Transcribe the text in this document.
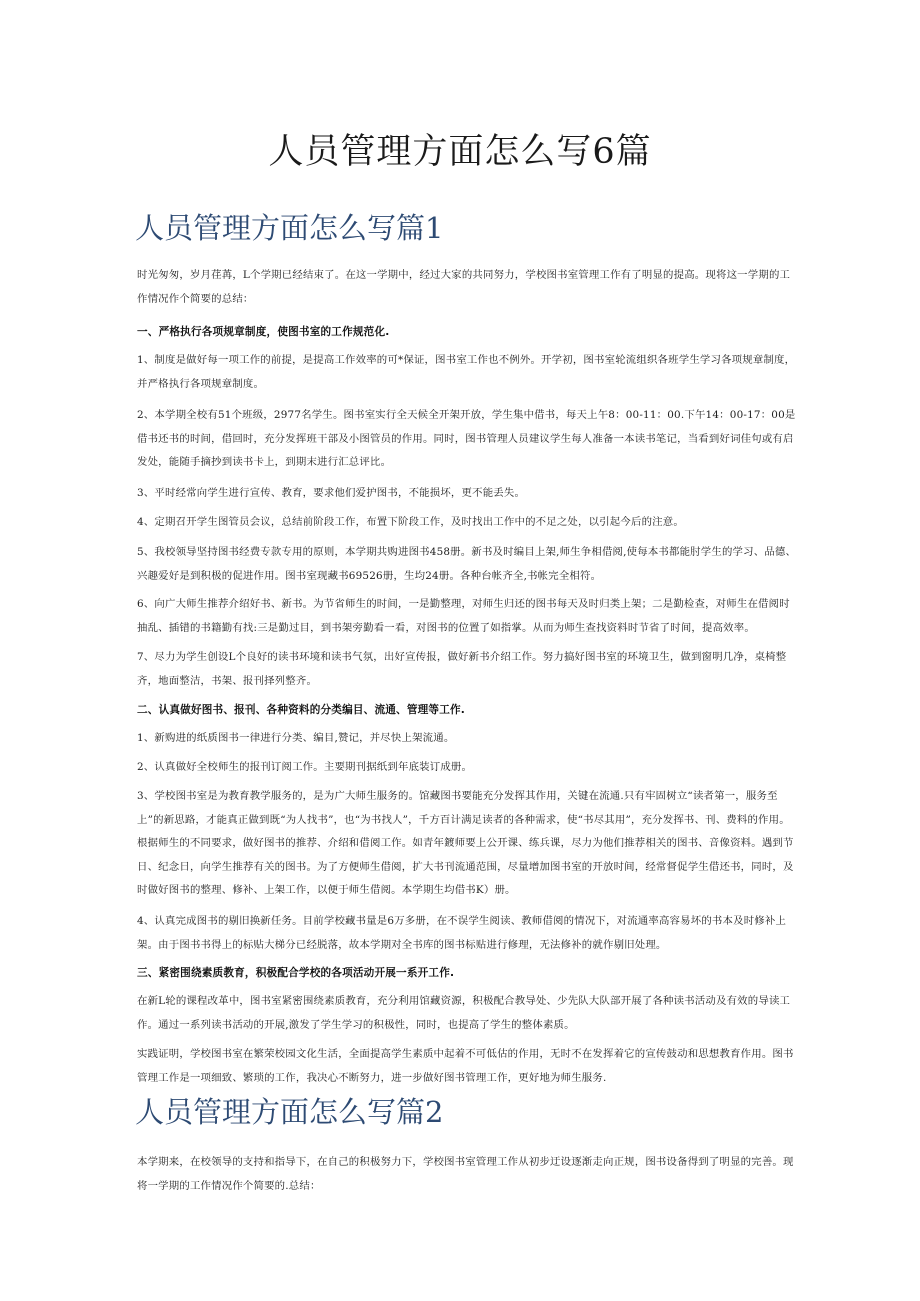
人员管理方面怎么写6篇
人员管理方面怎么写篇1

时光匆匆，岁月荏苒，L个学期已经结束了。在这一学期中，经过大家的共同努力，学校图书室管理工作有了明显的提高。现将这一学期的工作情况作个简要的总结：

一、严格执行各项规章制度，使图书室的工作规范化.

1、制度是做好每一项工作的前提，是提高工作效率的可*保证，图书室工作也不例外。开学初，图书室轮流组织各班学生学习各项规章制度，并严格执行各项规章制度。

2、本学期全校有51个班级，2977名学生。图书室实行全天候全开架开放，学生集中借书，每天上午8：00-11：00.下午14：00-17：00是借书还书的时间，借回时，充分发挥班干部及小图管员的作用。同时，图书管理人员建议学生每人准备一本读书笔记，当看到好词佳句或有启发处，能随手摘抄到读书卡上，到期末进行汇总评比。

3、平时经常向学生进行宣传、教育，要求他们爱护图书，不能损坏，更不能丢失。

4、定期召开学生图管员会议，总结前阶段工作，布置下阶段工作，及时找出工作中的不足之处，以引起今后的注意。

5、我校领导坚持图书经费专款专用的原则，本学期共购进图书458册。新书及时编目上架,师生争相借阅,使每本书都能肘学生的学习、品德、兴趣爱好是到积极的促进作用。图书室现藏书69526册，生均24册。各种台帐齐全,书帐完全相符。

6、向广大师生推荐介绍好书、新书。为节省师生的时间，一是勤整理，对师生归还的图书每天及时归类上架；二是勤检查，对师生在借阅时抽乱、插错的书籍勤有找:三是勤过目，到书架旁勤看一看，对图书的位置了如指掌。从而为师生查找资料时节省了时间，提高效率。

7、尽力为学生创设L个良好的读书环境和读书气氛，出好宣传报，做好新书介绍工作。努力搞好图书室的环境卫生，做到窗明几净，桌椅整齐，地面整洁，书架、报刊择列整齐。

二、认真做好图书、报刊、各种资料的分类编目、流通、管理等工作.

1、新购进的纸质图书一律进行分类、编目,赞记，并尽快上架流通。

2、认真做好全校师生的报刊订阅工作。主要期刊据纸到年底装订成册。

3、学校图书室是为教育教学服务的，是为广大师生服务的。馆藏图书要能充分发挥其作用，关键在流通.只有牢固树立“读者第一，服务至上”的新思路，才能真正做到既“为人找书”，也“为书找人”，千方百计满足读者的各种需求，使“书尽其用”，充分发挥书、刊、费料的作用。根据师生的不同要求，做好图书的推荐、介绍和借阅工作。如青年鍍师要上公开课、练兵课，尽力为他们推荐相关的图书、音像资料。遇到节日、纪念日，向学生推荐有关的图书。为了方便师生借阅，扩大书刊流通范围，尽量增加图书室的开放时间，经常督促学生借还书，同时，及时做好图书的整理、修补、上架工作，以便于师生借阅。本学期生均借书K）册。

4、认真完成图书的剔旧换新任务。目前学校藏书量是6万多册，在不误学生阅读、教师借阅的情况下，对流通率高容易坏的书本及时修补上架。由于图书书得上的标贴大梯分已经脱落，故本学期对全书库的图书标贴进行修理，无法修补的就作剔旧处理。

三、紧密围绕素质教育，积极配合学校的各项活动开展一系开工作.

在新L轮的课程改革中，图书室紧密围绕素质教育，充分利用馆藏资源，积极配合教导处、少先队大队部开展了各种读书活动及有效的导读工作。通过一系列读书活动的开展,激发了学生学习的积极性，同时，也提高了学生的整体素质。

实践证明，学校图书室在繁荣校园文化生活，全面提高学生素质中起着不可低估的作用，无时不在发挥着它的宣传鼓动和思想教育作用。图书管理工作是一项细致、繁琐的工作，我决心不断努力，进一步做好图书管理工作，更好地为师生服务.

人员管理方面怎么写篇2

本学期来，在校领导的支持和指导下，在自己的积极努力下，学校图书室管理工作从初步迂设逐渐走向正规，图书设备得到了明显的完善。现将一学期的工作情况作个简要的.总结：
